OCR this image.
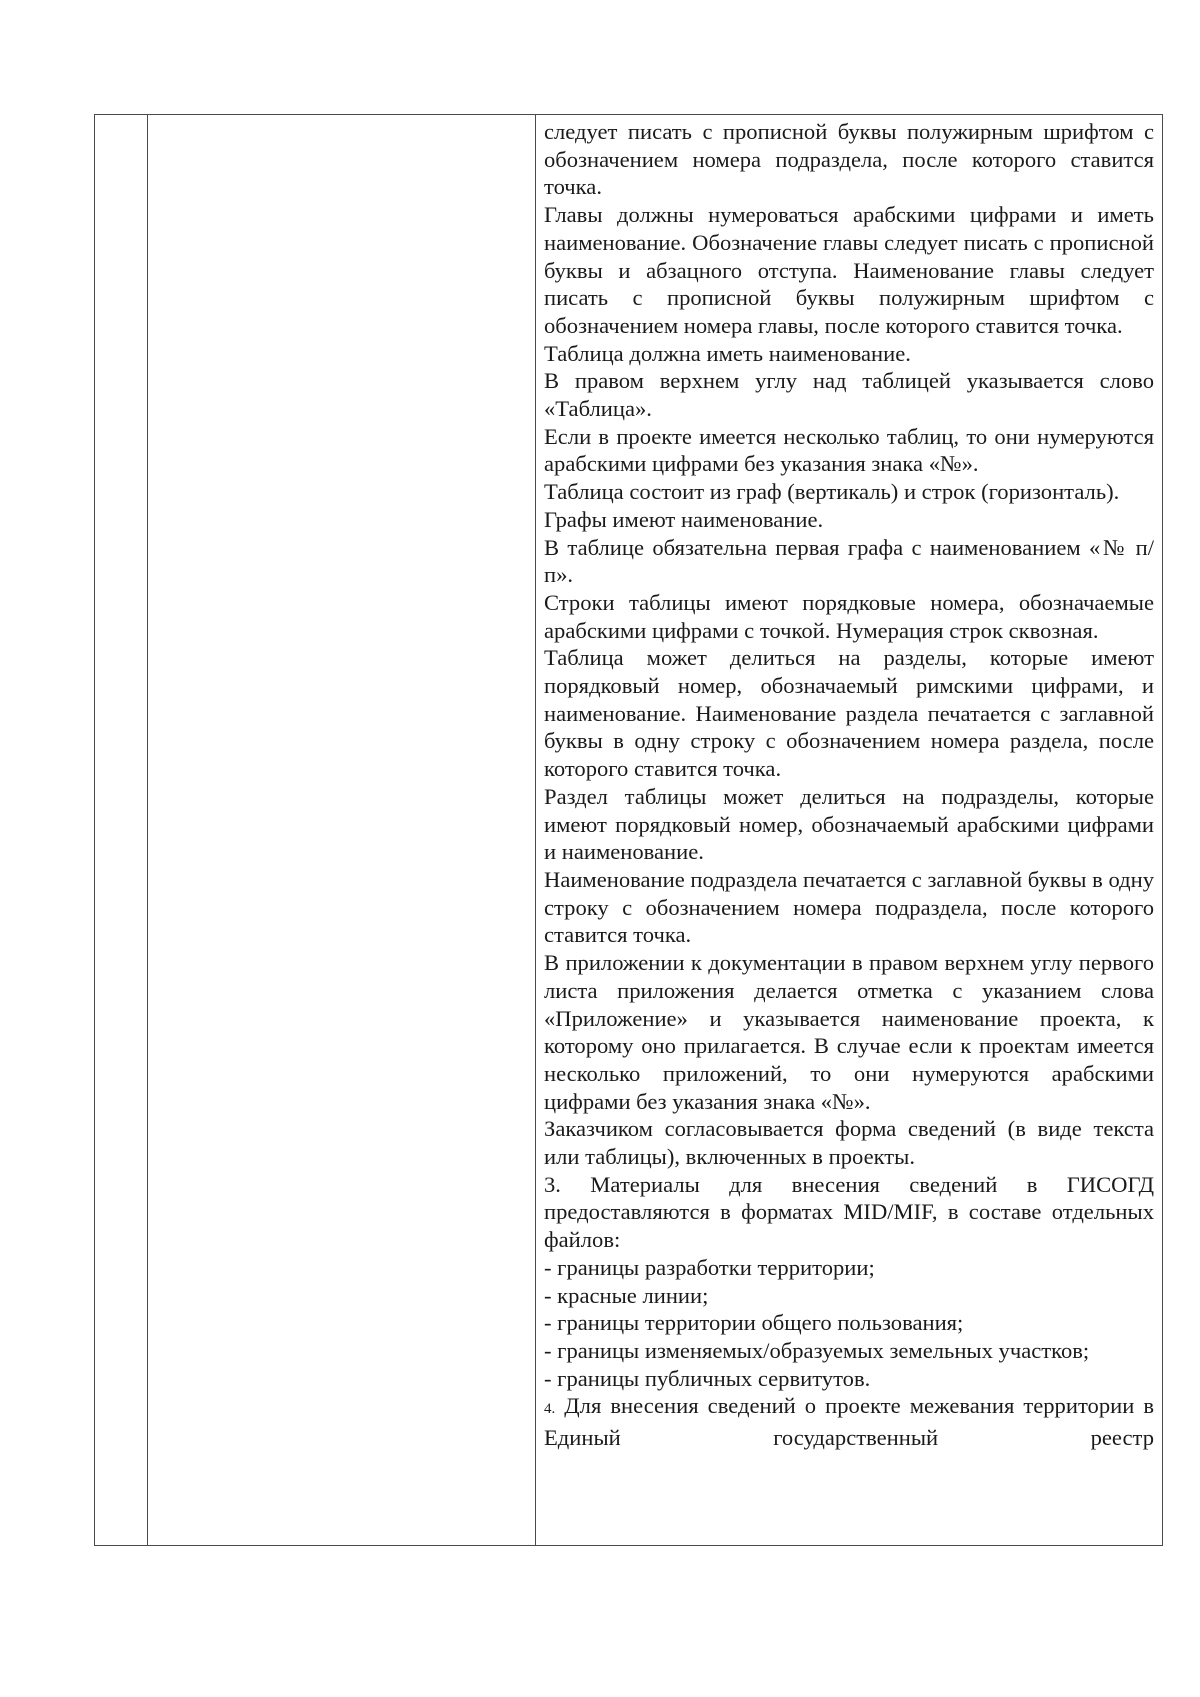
следует писать с прописной буквы полужирным шрифтом с обозначением номера подраздела, после которого ставится точка.

Главы должны нумероваться арабскими цифрами и иметь наименование. Обозначение главы следует писать с прописной буквы и абзацного отступа. Наименование главы следует писать с прописной буквы полужирным шрифтом с обозначением номера главы, после которого ставится точка.

Таблица должна иметь наименование.

В правом верхнем углу над таблицей указывается слово «Таблица».

Если в проекте имеется несколько таблиц, то они нумеруются арабскими цифрами без указания знака «№».

Таблица состоит из граф (вертикаль) и строк (горизонталь).

Графы имеют наименование.

В таблице обязательна первая графа с наименованием «№ п/п».

Строки таблицы имеют порядковые номера, обозначаемые арабскими цифрами с точкой. Нумерация строк сквозная.

Таблица может делиться на разделы, которые имеют порядковый номер, обозначаемый римскими цифрами, и наименование. Наименование раздела печатается с заглавной буквы в одну строку с обозначением номера раздела, после которого ставится точка.

Раздел таблицы может делиться на подразделы, которые имеют порядковый номер, обозначаемый арабскими цифрами и наименование.

Наименование подраздела печатается с заглавной буквы в одну строку с обозначением номера подраздела, после которого ставится точка.

В приложении к документации в правом верхнем углу первого листа приложения делается отметка с указанием слова «Приложение» и указывается наименование проекта, к которому оно прилагается. В случае если к проектам имеется несколько приложений, то они нумеруются арабскими цифрами без указания знака «№».

Заказчиком согласовывается форма сведений (в виде текста или таблицы), включенных в проекты.

3. Материалы для внесения сведений в ГИСОГД предоставляются в форматах MID/MIF, в составе отдельных файлов:

- границы разработки территории;

- красные линии;

- границы территории общего пользования;

- границы изменяемых/образуемых земельных участков;

- границы публичных сервитутов.

4. Для внесения сведений о проекте межевания территории в Единый государственный реестр
